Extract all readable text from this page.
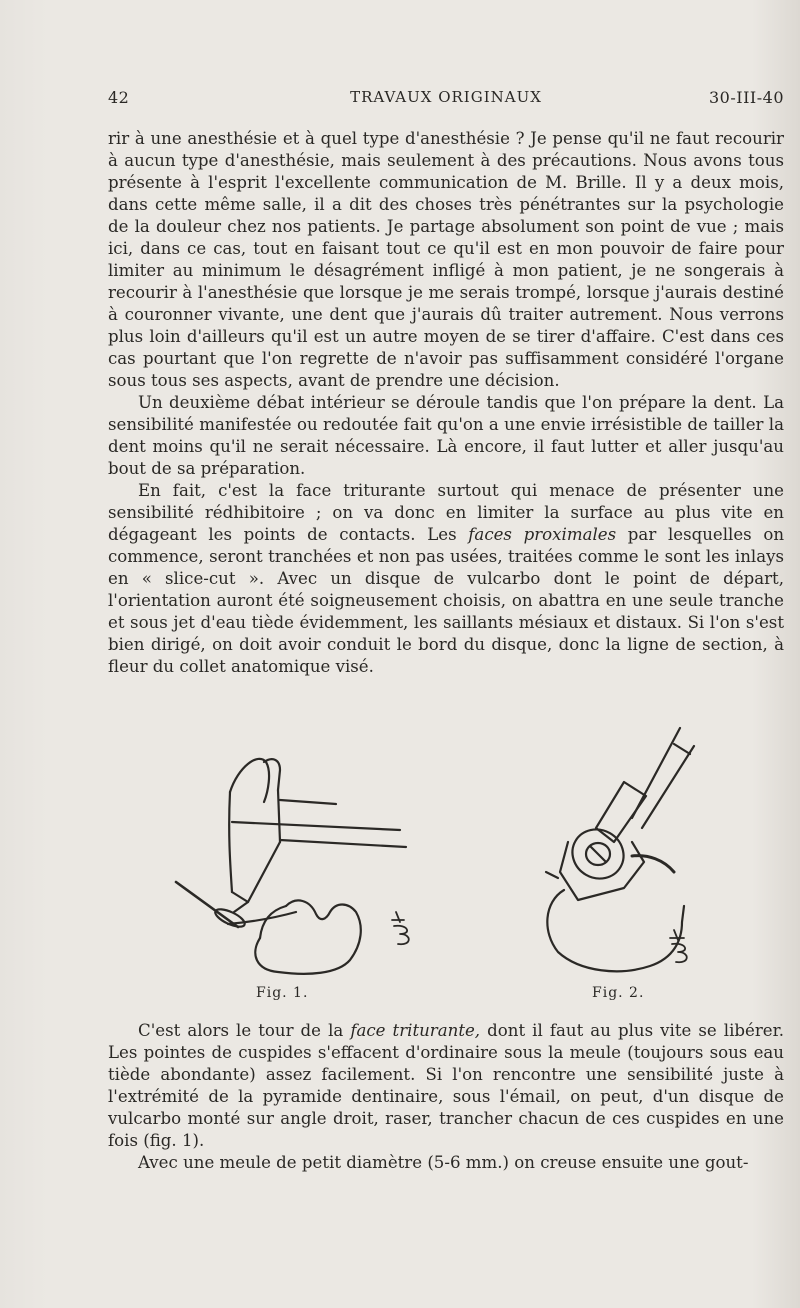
42	TRAVAUX ORIGINAUX	30-III-40

rir à une anesthésie et à quel type d'anesthésie ? Je pense qu'il ne faut recourir à aucun type d'anesthésie, mais seulement à des précautions. Nous avons tous présente à l'esprit l'excellente communication de M. Brille. Il y a deux mois, dans cette même salle, il a dit des choses très pénétrantes sur la psychologie de la douleur chez nos patients. Je partage absolument son point de vue ; mais ici, dans ce cas, tout en faisant tout ce qu'il est en mon pouvoir de faire pour limiter au minimum le désagrément infligé à mon patient, je ne songerais à recourir à l'anesthésie que lorsque je me serais trompé, lorsque j'aurais destiné à couronner vivante, une dent que j'aurais dû traiter autrement. Nous verrons plus loin d'ailleurs qu'il est un autre moyen de se tirer d'affaire. C'est dans ces cas pourtant que l'on regrette de n'avoir pas suffisamment considéré l'organe sous tous ses aspects, avant de prendre une décision.

Un deuxième débat intérieur se déroule tandis que l'on prépare la dent. La sensibilité manifestée ou redoutée fait qu'on a une envie irrésistible de tailler la dent moins qu'il ne serait nécessaire. Là encore, il faut lutter et aller jusqu'au bout de sa préparation.

En fait, c'est la face triturante surtout qui menace de présenter une sensibilité rédhibitoire ; on va donc en limiter la surface au plus vite en dégageant les points de contacts. Les faces proximales par lesquelles on commence, seront tranchées et non pas usées, traitées comme le sont les inlays en « slice-cut ». Avec un disque de vulcarbo dont le point de départ, l'orientation auront été soigneusement choisis, on abattra en une seule tranche et sous jet d'eau tiède évidemment, les saillants mésiaux et distaux. Si l'on s'est bien dirigé, on doit avoir conduit le bord du disque, donc la ligne de section, à fleur du collet anatomique visé.

Fig. 1.	Fig. 2.

C'est alors le tour de la face triturante, dont il faut au plus vite se libérer. Les pointes de cuspides s'effacent d'ordinaire sous la meule (toujours sous eau tiède abondante) assez facilement. Si l'on rencontre une sensibilité juste à l'extrémité de la pyramide dentinaire, sous l'émail, on peut, d'un disque de vulcarbo monté sur angle droit, raser, trancher chacun de ces cuspides en une fois (fig. 1).

Avec une meule de petit diamètre (5-6 mm.) on creuse ensuite une gout-
